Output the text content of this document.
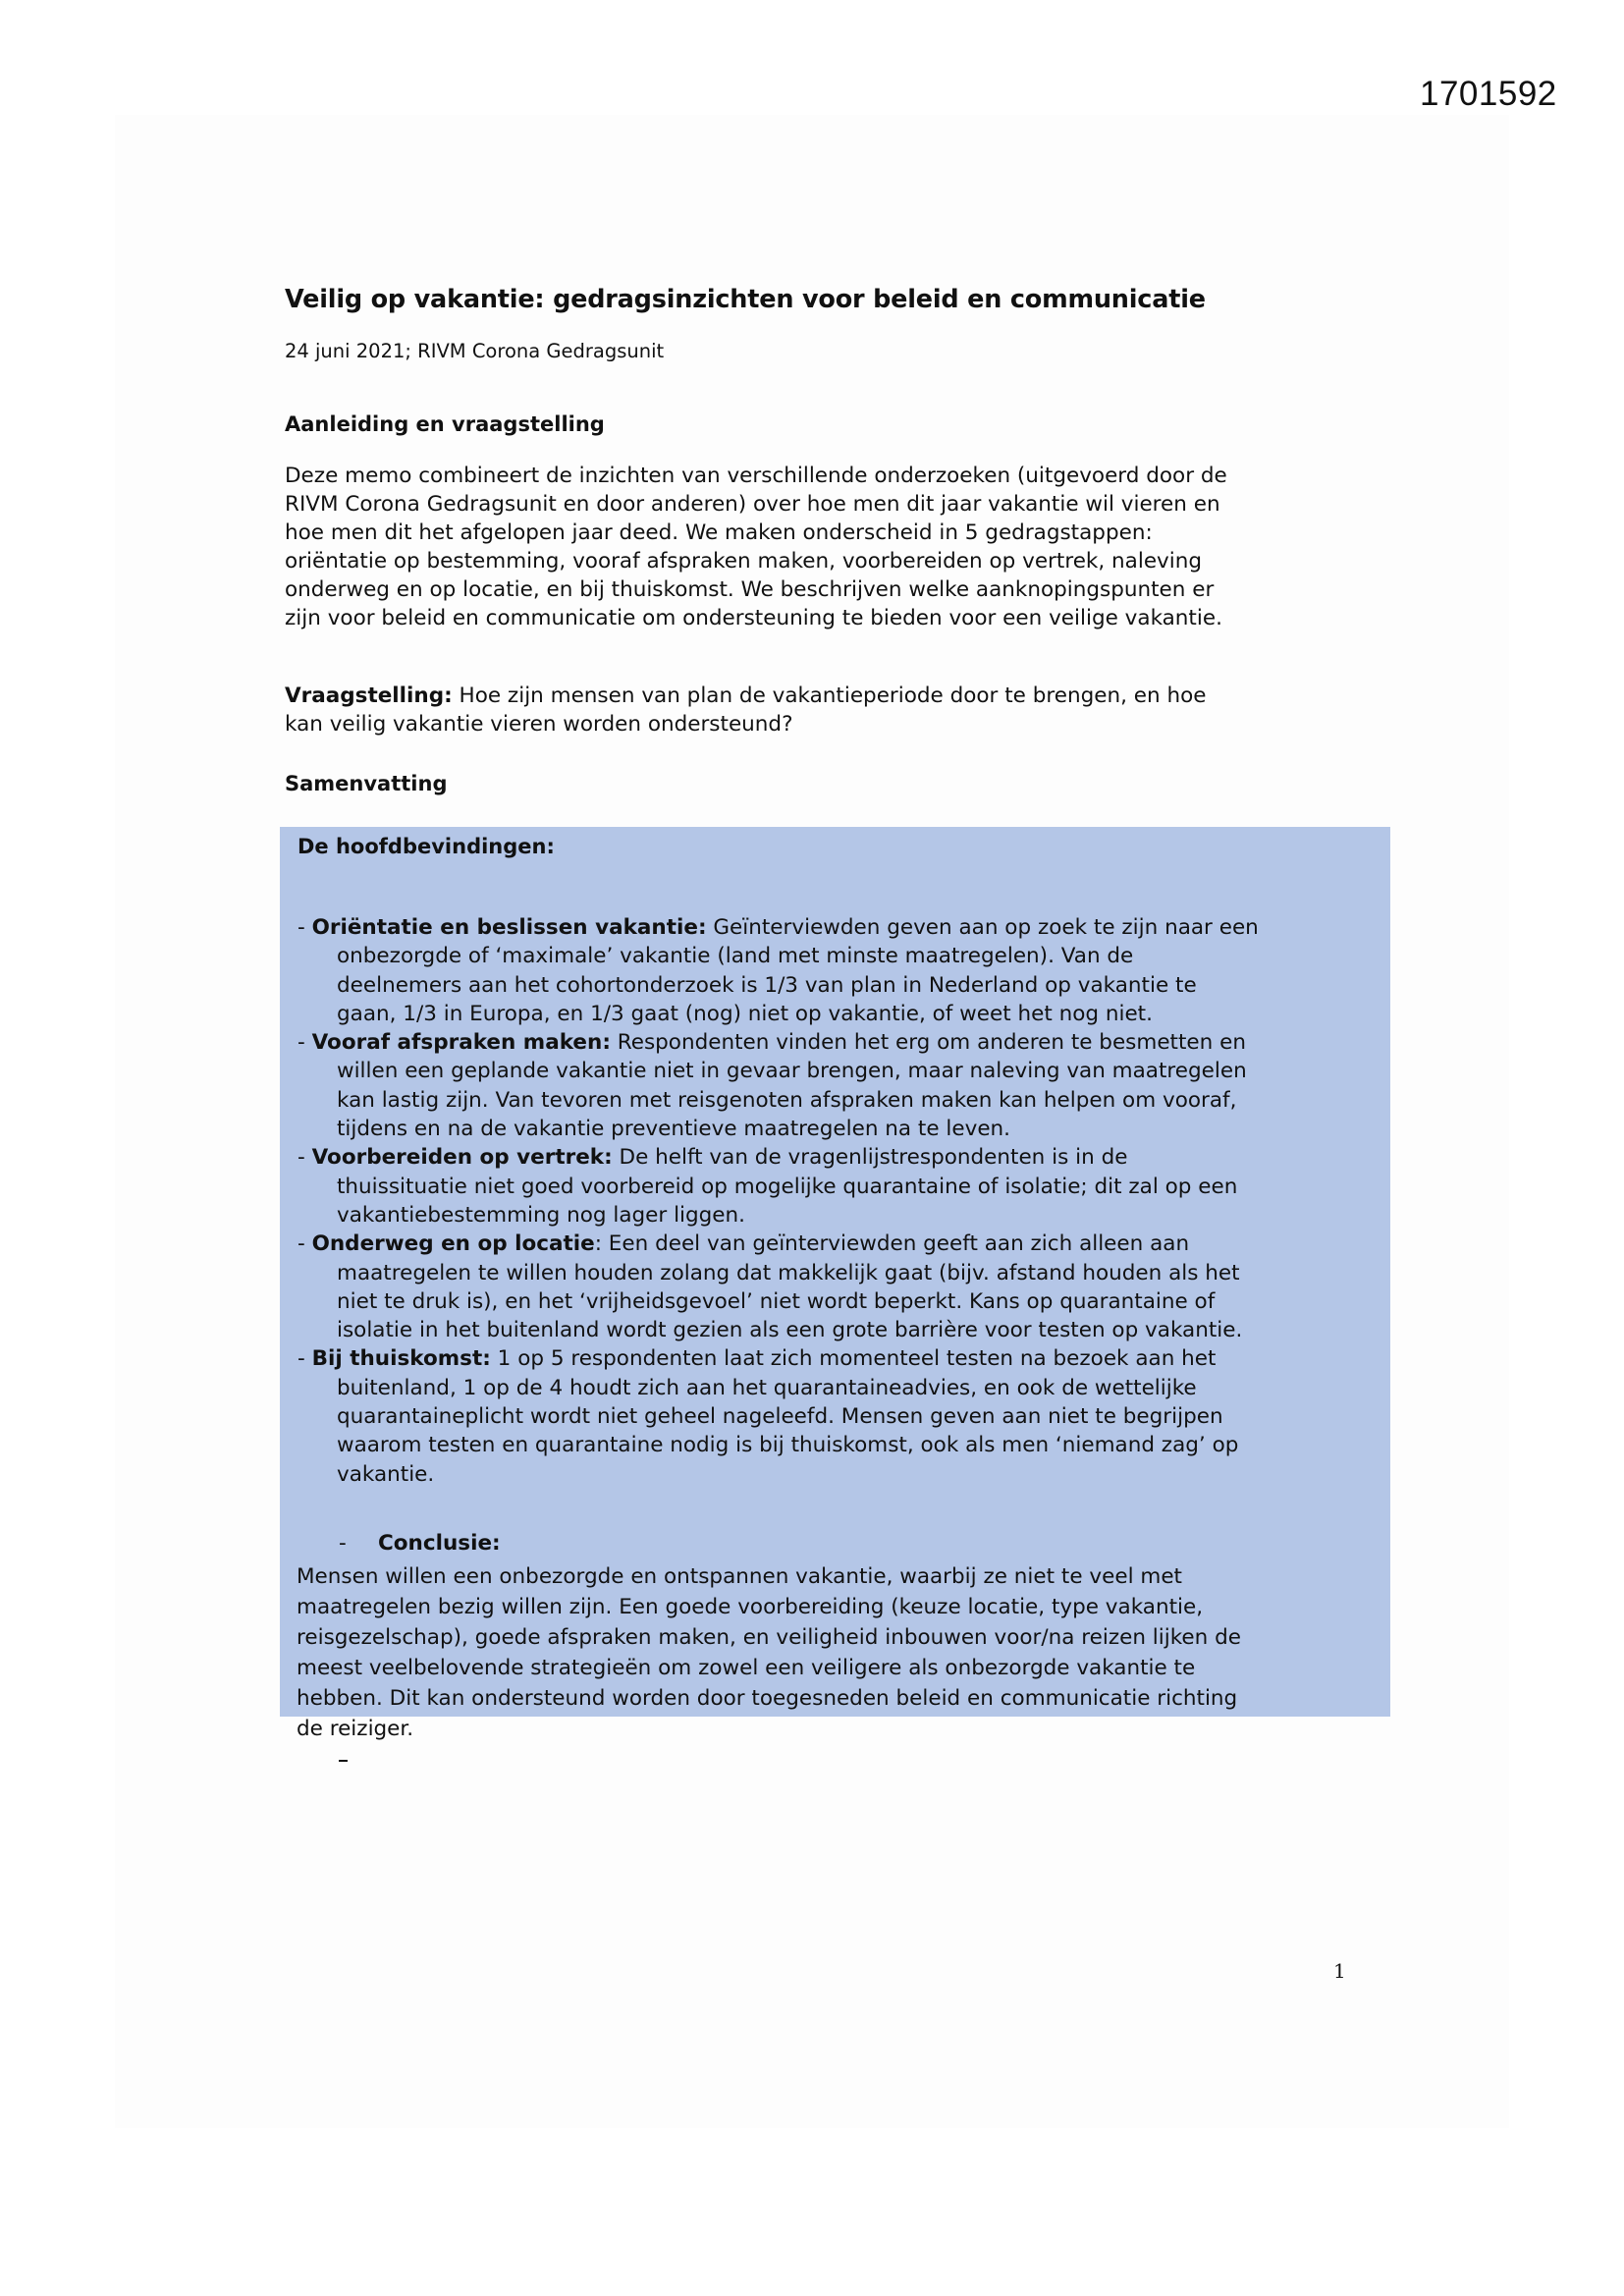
1701592
Veilig op vakantie: gedragsinzichten voor beleid en communicatie
24 juni 2021; RIVM Corona Gedragsunit
Aanleiding en vraagstelling
Deze memo combineert de inzichten van verschillende onderzoeken (uitgevoerd door de
RIVM Corona Gedragsunit en door anderen) over hoe men dit jaar vakantie wil vieren en
hoe men dit het afgelopen jaar deed. We maken onderscheid in 5 gedragstappen:
oriëntatie op bestemming, vooraf afspraken maken, voorbereiden op vertrek, naleving
onderweg en op locatie, en bij thuiskomst. We beschrijven welke aanknopingspunten er
zijn voor beleid en communicatie om ondersteuning te bieden voor een veilige vakantie.
Vraagstelling: Hoe zijn mensen van plan de vakantieperiode door te brengen, en hoe
kan veilig vakantie vieren worden ondersteund?
Samenvatting
De hoofdbevindingen:
- Oriëntatie en beslissen vakantie: Geïnterviewden geven aan op zoek te zijn naar een
onbezorgde of ‘maximale’ vakantie (land met minste maatregelen). Van de
deelnemers aan het cohortonderzoek is 1/3 van plan in Nederland op vakantie te
gaan, 1/3 in Europa, en 1/3 gaat (nog) niet op vakantie, of weet het nog niet.
- Vooraf afspraken maken: Respondenten vinden het erg om anderen te besmetten en
willen een geplande vakantie niet in gevaar brengen, maar naleving van maatregelen
kan lastig zijn. Van tevoren met reisgenoten afspraken maken kan helpen om vooraf,
tijdens en na de vakantie preventieve maatregelen na te leven.
- Voorbereiden op vertrek: De helft van de vragenlijstrespondenten is in de
thuissituatie niet goed voorbereid op mogelijke quarantaine of isolatie; dit zal op een
vakantiebestemming nog lager liggen.
- Onderweg en op locatie: Een deel van geïnterviewden geeft aan zich alleen aan
maatregelen te willen houden zolang dat makkelijk gaat (bijv. afstand houden als het
niet te druk is), en het ‘vrijheidsgevoel’ niet wordt beperkt. Kans op quarantaine of
isolatie in het buitenland wordt gezien als een grote barrière voor testen op vakantie.
- Bij thuiskomst: 1 op 5 respondenten laat zich momenteel testen na bezoek aan het
buitenland, 1 op de 4 houdt zich aan het quarantaineadvies, en ook de wettelijke
quarantaineplicht wordt niet geheel nageleefd. Mensen geven aan niet te begrijpen
waarom testen en quarantaine nodig is bij thuiskomst, ook als men ‘niemand zag’ op
vakantie.
- Conclusie:
Mensen willen een onbezorgde en ontspannen vakantie, waarbij ze niet te veel met
maatregelen bezig willen zijn. Een goede voorbereiding (keuze locatie, type vakantie,
reisgezelschap), goede afspraken maken, en veiligheid inbouwen voor/na reizen lijken de
meest veelbelovende strategieën om zowel een veiligere als onbezorgde vakantie te
hebben. Dit kan ondersteund worden door toegesneden beleid en communicatie richting
de reiziger.
1
